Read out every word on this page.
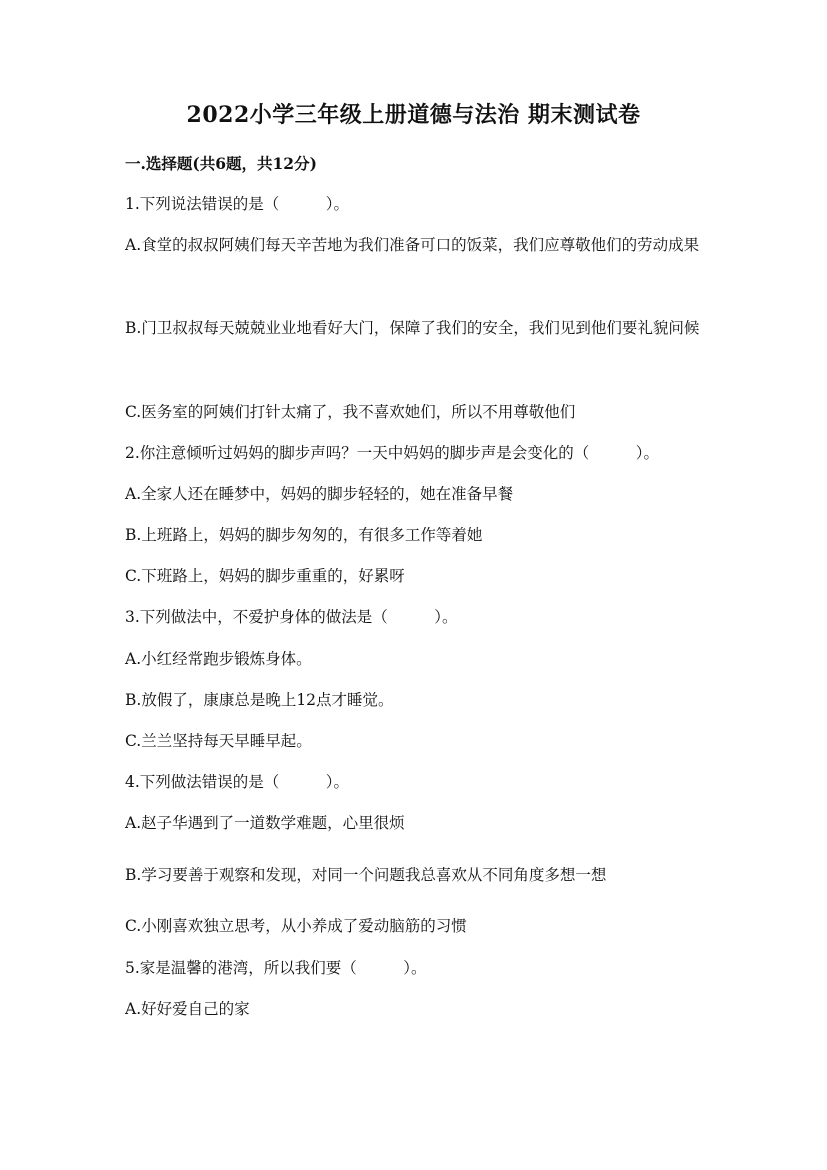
2022小学三年级上册道德与法治 期末测试卷
一.选择题(共6题，共12分)
1.下列说法错误的是（　　　）。
A.食堂的叔叔阿姨们每天辛苦地为我们准备可口的饭菜，我们应尊敬他们的劳动成果
B.门卫叔叔每天兢兢业业地看好大门，保障了我们的安全，我们见到他们要礼貌问候
C.医务室的阿姨们打针太痛了，我不喜欢她们，所以不用尊敬他们
2.你注意倾听过妈妈的脚步声吗？一天中妈妈的脚步声是会变化的（　　　）。
A.全家人还在睡梦中，妈妈的脚步轻轻的，她在准备早餐
B.上班路上，妈妈的脚步匆匆的，有很多工作等着她
C.下班路上，妈妈的脚步重重的，好累呀
3.下列做法中，不爱护身体的做法是（　　　）。
A.小红经常跑步锻炼身体。
B.放假了，康康总是晚上12点才睡觉。
C.兰兰坚持每天早睡早起。
4.下列做法错误的是（　　　）。
A.赵子华遇到了一道数学难题，心里很烦
B.学习要善于观察和发现，对同一个问题我总喜欢从不同角度多想一想
C.小刚喜欢独立思考，从小养成了爱动脑筋的习惯
5.家是温馨的港湾，所以我们要（　　　）。
A.好好爱自己的家
